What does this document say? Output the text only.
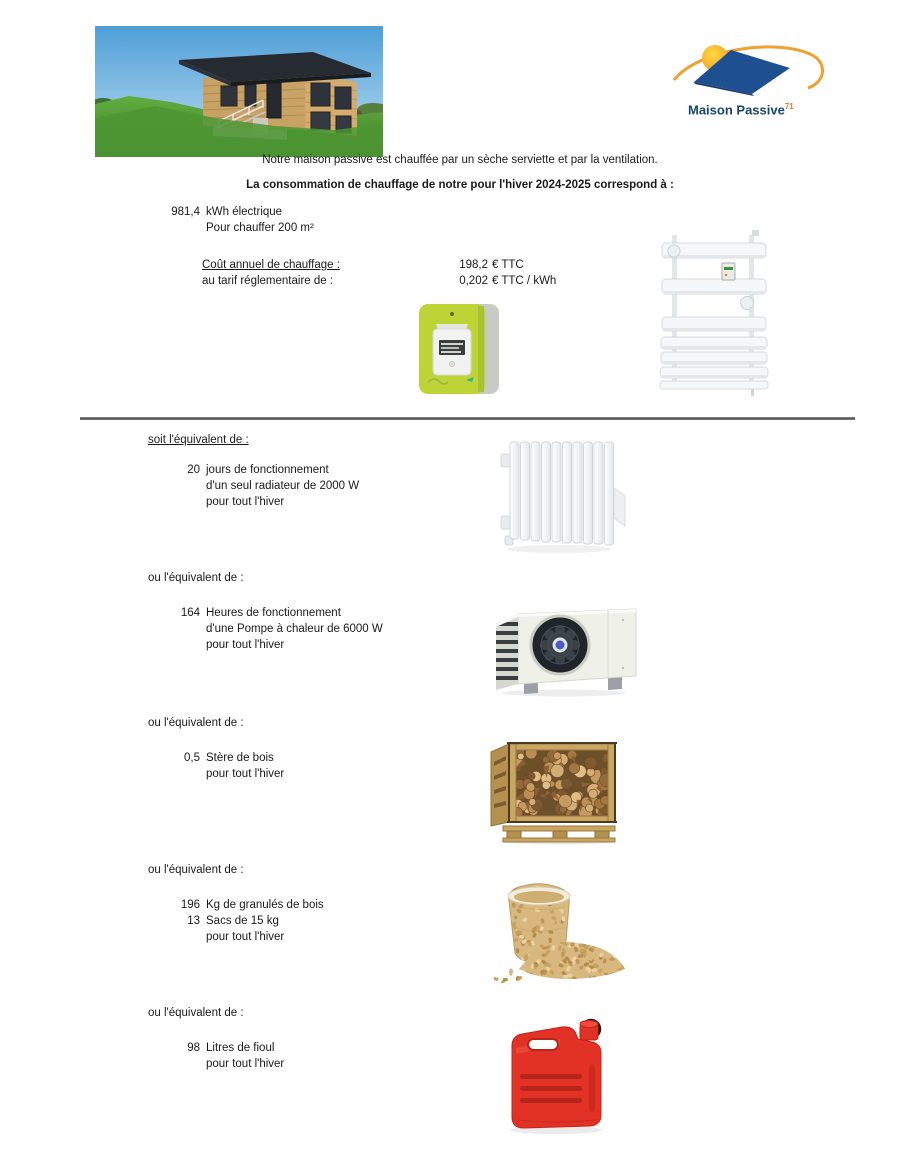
Maison Passive$^{71}$
Notre maison passive est chauffée par un sèche serviette et par la ventilation.
La consommation de chauffage de notre pour l'hiver 2024-2025 correspond à :
981,4 kWh électrique
Pour chauffer 200 m²
Coût annuel de chauffage :	198,2 € TTC
au tarif réglementaire de :	0,202 € TTC / kWh
soit l'équivalent de :
20 jours de fonctionnement
d'un seul radiateur de 2000 W
pour tout l'hiver
ou l'équivalent de :
164 Heures de fonctionnement
d'une Pompe à chaleur de 6000 W
pour tout l'hiver
ou l'équivalent de :
0,5 Stère de bois
pour tout l'hiver
ou l'équivalent de :
196 Kg de granulés de bois
13 Sacs de 15 kg
pour tout l'hiver
ou l'équivalent de :
98 Litres de fioul
pour tout l'hiver
